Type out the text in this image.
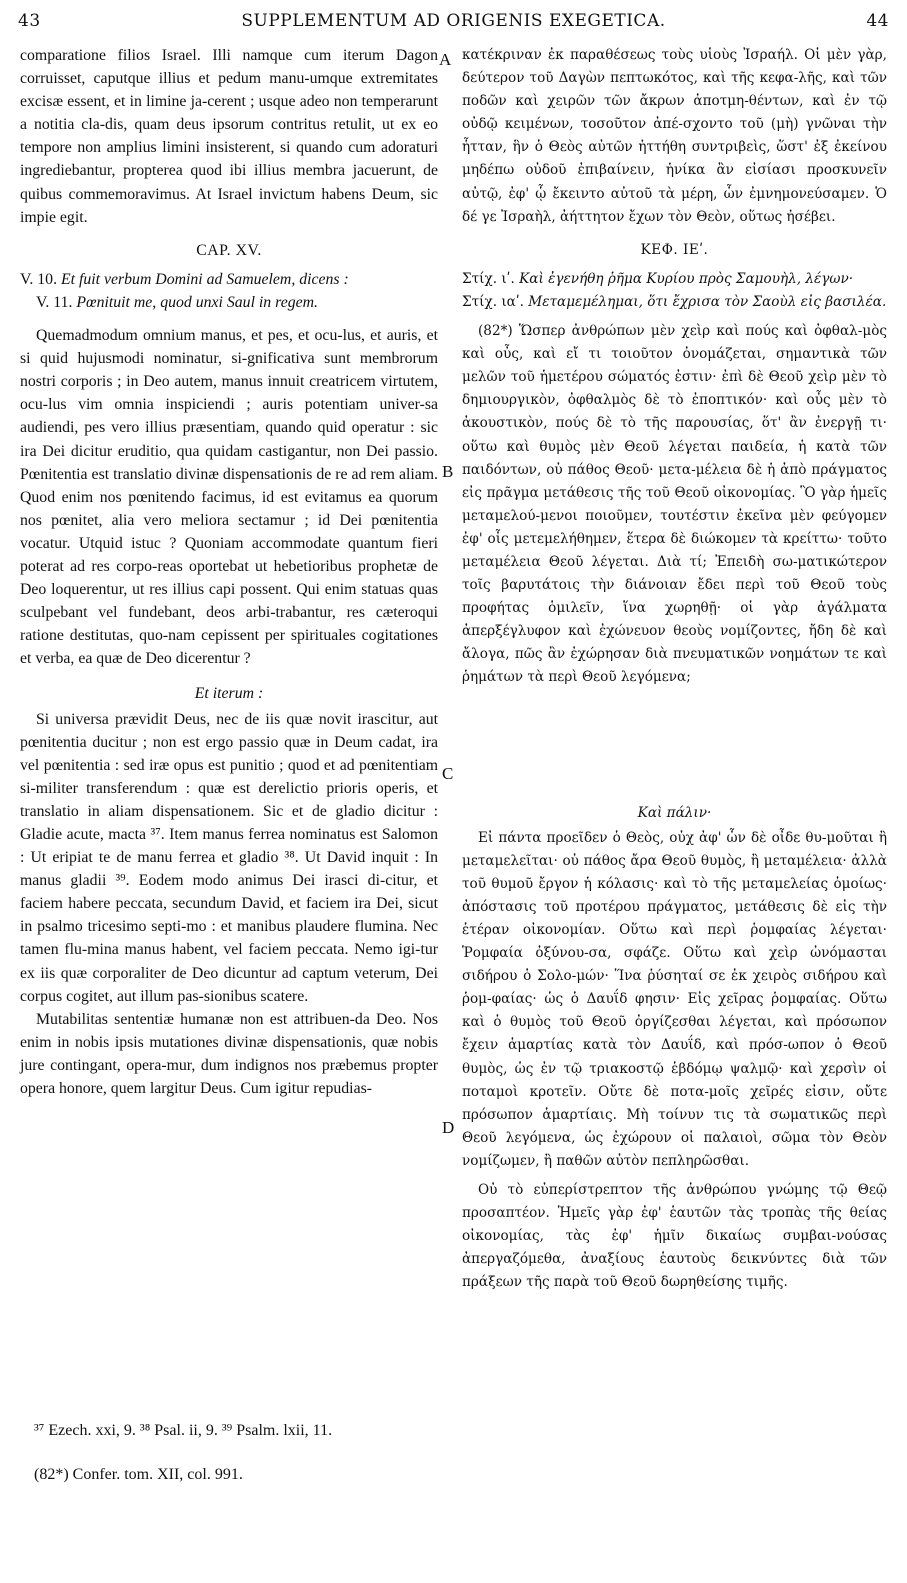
43	SUPPLEMENTUM AD ORIGENIS EXEGETICA.	44

comparatione filios Israel. Illi namque cum iterum Dagon corruisset, caputque illius et pedum manu-umque extremitates excisæ essent, et in limine ja-cerent ; usque adeo non temperarunt a notitia cla-dis, quam deus ipsorum contritus retulit, ut ex eo tempore non amplius limini insisterent, si quando cum adoraturi ingrediebantur, propterea quod ibi illius membra jacuerunt, de quibus commemoravimus. At Israel invictum habens Deum, sic impie egit.

CAP. XV.

V. 10. Et fuit verbum Domini ad Samuelem, dicens :

V. 11. Pœnituit me, quod unxi Saul in regem.

Quemadmodum omnium manus, et pes, et ocu-lus, et auris, et si quid hujusmodi nominatur, si-gnificativa sunt membrorum nostri corporis ; in Deo autem, manus innuit creatricem virtutem, ocu-lus vim omnia inspiciendi ; auris potentiam univer-sa audiendi, pes vero illius præsentiam, quando quid operatur : sic ira Dei dicitur eruditio, qua quidam castigantur, non Dei passio. Pœnitentia est translatio divinæ dispensationis de re ad rem aliam. Quod enim nos pœnitendo facimus, id est evitamus ea quorum nos pœnitet, alia vero meliora sectamur ; id Dei pœnitentia vocatur. Utquid istuc ? Quoniam accommodate quantum fieri poterat ad res corpo-reas oportebat ut hebetioribus prophetæ de Deo loquerentur, ut res illius capi possent. Qui enim statuas quas sculpebant vel fundebant, deos arbi-trabantur, res cæteroqui ratione destitutas, quo-nam cepissent per spirituales cogitationes et verba, ea quæ de Deo dicerentur ?

Et iterum :

Si universa prævidit Deus, nec de iis quæ novit irascitur, aut pœnitentia ducitur ; non est ergo passio quæ in Deum cadat, ira vel pœnitentia : sed iræ opus est punitio ; quod et ad pœnitentiam si-militer transferendum : quæ est derelictio prioris operis, et translatio in aliam dispensationem. Sic et de gladio dicitur : Gladie acute, macta ³⁷. Item manus ferrea nominatus est Salomon : Ut eripiat te de manu ferrea et gladio ³⁸. Ut David inquit : In manus gladii ³⁹. Eodem modo animus Dei irasci di-citur, et faciem habere peccata, secundum David, et faciem ira Dei, sicut in psalmo tricesimo septi-mo : et manibus plaudere flumina. Nec tamen flu-mina manus habent, vel faciem peccata. Nemo igi-tur ex iis quæ corporaliter de Deo dicuntur ad captum veterum, Dei corpus cogitet, aut illum pas-sionibus scatere.

Mutabilitas sententiæ humanæ non est attribuen-da Deo. Nos enim in nobis ipsis mutationes divinæ dispensationis, quæ nobis jure contingant, opera-mur, dum indignos nos præbemus propter opera honore, quem largitur Deus. Cum igitur repudias-

κατέκριναν ἐκ παραθέσεως τοὺς υἱοὺς Ἰσραήλ. Οἱ μὲν γὰρ, δεύτερον τοῦ Δαγὼν πεπτωκότος, καὶ τῆς κεφα-λῆς, καὶ τῶν ποδῶν καὶ χειρῶν τῶν ἄκρων ἀποτμη-θέντων, καὶ ἐν τῷ οὐδῷ κειμένων, τοσοῦτον ἀπέ-σχοντο τοῦ (μὴ) γνῶναι τὴν ἧτταν, ἣν ὁ Θεὸς αὐτῶν ἡττήθη συντριβεὶς, ὥστ' ἐξ ἐκείνου μηδέπω οὐδοῦ ἐπιβαίνειν, ἡνίκα ἂν εἰσίασι προσκυνεῖν αὐτῷ, ἐφ' ᾧ ἔκειντο αὐτοῦ τὰ μέρη, ὧν ἐμνημονεύσαμεν. Ὁ δέ γε Ἰσραὴλ, ἀήττητον ἔχων τὸν Θεὸν, οὕτως ἠσέβει.

ΚΕΦ. ΙΕʹ.

Στίχ. ιʹ. Καὶ ἐγενήθη ῥῆμα Κυρίου πρὸς Σαμουὴλ, λέγων·

Στίχ. ιαʹ. Μεταμεμέλημαι, ὅτι ἔχρισα τὸν Σαοὺλ εἰς βασιλέα.

(82*) Ὥσπερ ἀνθρώπων μὲν χεὶρ καὶ πούς καὶ ὀφθαλ-μὸς καὶ οὖς, καὶ εἴ τι τοιοῦτον ὀνομάζεται, σημαντικὰ τῶν μελῶν τοῦ ἡμετέρου σώματός ἐστιν· ἐπὶ δὲ Θεοῦ χεὶρ μὲν τὸ δημιουργικὸν, ὀφθαλμὸς δὲ τὸ ἐποπτικόν· καὶ οὖς μὲν τὸ ἀκουστικὸν, πούς δὲ τὸ τῆς παρουσίας, ὅτ' ἂν ἐνεργῇ τι· οὕτω καὶ θυμὸς μὲν Θεοῦ λέγεται παιδεία, ἡ κατὰ τῶν παιδόντων, οὐ πάθος Θεοῦ· μετα-μέλεια δὲ ἡ ἀπὸ πράγματος εἰς πρᾶγμα μετάθεσις τῆς τοῦ Θεοῦ οἰκονομίας. Ὃ γὰρ ἡμεῖς μεταμελού-μενοι ποιοῦμεν, τουτέστιν ἐκεῖνα μὲν φεύγομεν ἐφ' οἷς μετεμελήθημεν, ἕτερα δὲ διώκομεν τὰ κρείττω· τοῦτο μεταμέλεια Θεοῦ λέγεται. Διὰ τί; Ἐπειδὴ σω-ματικώτερον τοῖς βαρυτάτοις τὴν διάνοιαν ἔδει περὶ τοῦ Θεοῦ τοὺς προφήτας ὁμιλεῖν, ἵνα χωρηθῇ· οἱ γὰρ ἀγάλματα ἀπερξέγλυφον καὶ ἐχώνευον θεοὺς νομίζοντες, ἤδη δὲ καὶ ἄλογα, πῶς ἂν ἐχώρησαν διὰ πνευματικῶν νοημάτων τε καὶ ῥημάτων τὰ περὶ Θεοῦ λεγόμενα;

Καὶ πάλιν·

Εἰ πάντα προεῖδεν ὁ Θεὸς, οὐχ ἀφ' ὧν δὲ οἶδε θυ-μοῦται ἢ μεταμελεῖται· οὐ πάθος ἄρα Θεοῦ θυμὸς, ἢ μεταμέλεια· ἀλλὰ τοῦ θυμοῦ ἔργον ἡ κόλασις· καὶ τὸ τῆς μεταμελείας ὁμοίως· ἀπόστασις τοῦ προτέρου πράγματος, μετάθεσις δὲ εἰς τὴν ἑτέραν οἰκονομίαν. Οὕτω καὶ περὶ ῥομφαίας λέγεται· Ῥομφαία ὀξύνου-σα, σφάζε. Οὕτω καὶ χεὶρ ὠνόμασται σιδήρου ὁ Σολο-μών· Ἵνα ῥύσηταί σε ἐκ χειρὸς σιδήρου καὶ ῥομ-φαίας· ὡς ὁ Δαυΐδ φησιν· Εἰς χεῖρας ῥομφαίας. Οὕτω καὶ ὁ θυμὸς τοῦ Θεοῦ ὀργίζεσθαι λέγεται, καὶ πρόσωπον ἔχειν ἁμαρτίας κατὰ τὸν Δαυΐδ, καὶ πρόσ-ωπον ὁ Θεοῦ θυμὸς, ὡς ἐν τῷ τριακοστῷ ἑβδόμῳ ψαλμῷ· καὶ χερσὶν οἱ ποταμοὶ κροτεῖν. Οὔτε δὲ ποτα-μοῖς χεῖρές εἰσιν, οὔτε πρόσωπον ἁμαρτίαις. Μὴ τοίνυν τις τὰ σωματικῶς περὶ Θεοῦ λεγόμενα, ὡς ἐχώρουν οἱ παλαιοὶ, σῶμα τὸν Θεὸν νομίζωμεν, ἢ παθῶν αὐτὸν πεπληρῶσθαι.

Οὐ τὸ εὐπερίστρεπτον τῆς ἀνθρώπου γνώμης τῷ Θεῷ προσαπτέον. Ἡμεῖς γὰρ ἐφ' ἑαυτῶν τὰς τροπὰς τῆς θείας οἰκονομίας, τὰς ἐφ' ἡμῖν δικαίως συμβαι-νούσας ἀπεργαζόμεθα, ἀναξίους ἑαυτοὺς δεικνύντες διὰ τῶν πράξεων τῆς παρὰ τοῦ Θεοῦ δωρηθείσης τιμῆς.

A
B
C
D
³⁷ Ezech. xxi, 9. ³⁸ Psal. ii, 9. ³⁹ Psalm. lxii, 11.
(82*) Confer. tom. XII, col. 991.
